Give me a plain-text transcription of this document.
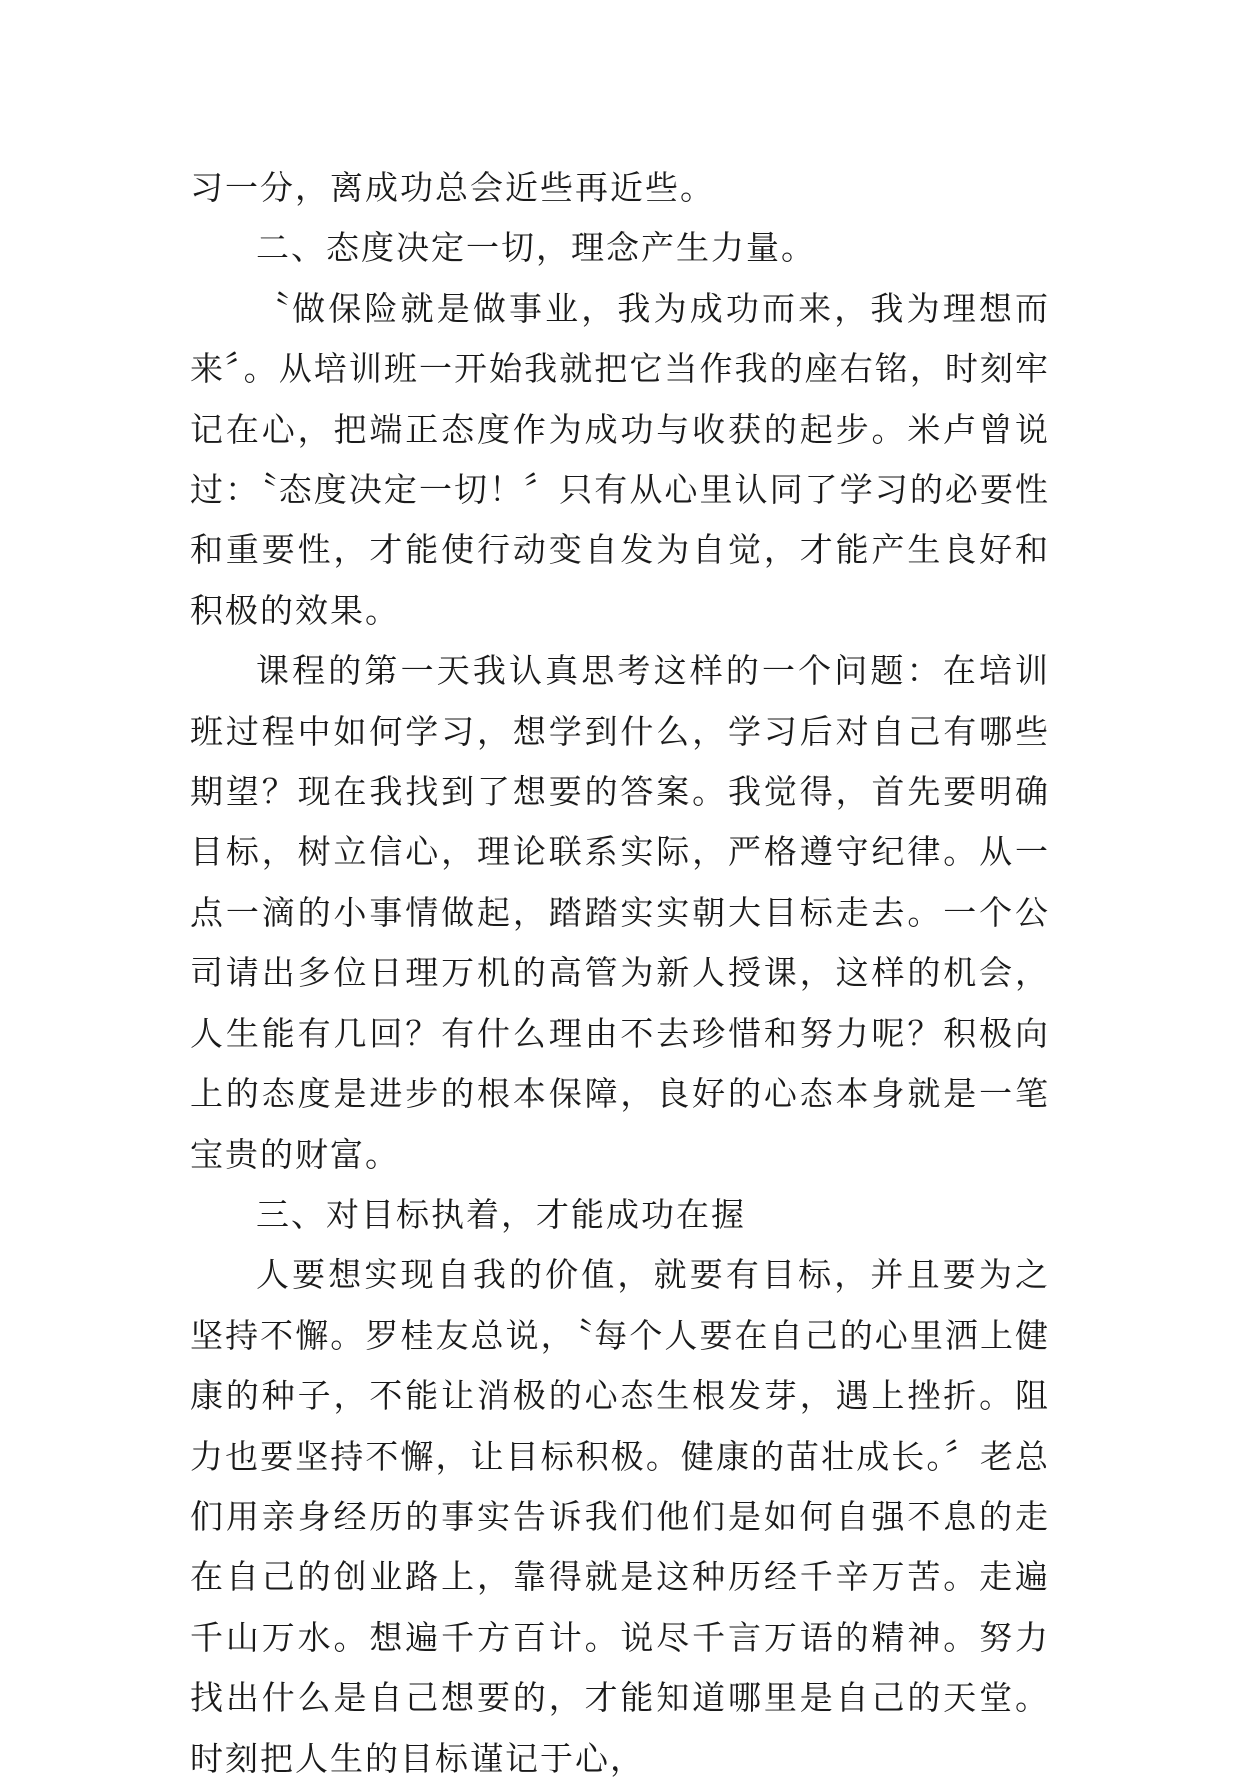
习一分，离成功总会近些再近些。

二、态度决定一切，理念产生力量。

〝做保险就是做事业，我为成功而来，我为理想而来〞。从培训班一开始我就把它当作我的座右铭，时刻牢记在心，把端正态度作为成功与收获的起步。米卢曾说过：〝态度决定一切！〞只有从心里认同了学习的必要性和重要性，才能使行动变自发为自觉，才能产生良好和积极的效果。

课程的第一天我认真思考这样的一个问题：在培训班过程中如何学习，想学到什么，学习后对自己有哪些期望？现在我找到了想要的答案。我觉得，首先要明确目标，树立信心，理论联系实际，严格遵守纪律。从一点一滴的小事情做起，踏踏实实朝大目标走去。一个公司请出多位日理万机的高管为新人授课，这样的机会，人生能有几回？有什么理由不去珍惜和努力呢？积极向上的态度是进步的根本保障，良好的心态本身就是一笔宝贵的财富。

三、对目标执着，才能成功在握

人要想实现自我的价值，就要有目标，并且要为之坚持不懈。罗桂友总说，〝每个人要在自己的心里洒上健康的种子，不能让消极的心态生根发芽，遇上挫折。阻力也要坚持不懈，让目标积极。健康的苗壮成长。〞老总们用亲身经历的事实告诉我们他们是如何自强不息的走在自己的创业路上，靠得就是这种历经千辛万苦。走遍千山万水。想遍千方百计。说尽千言万语的精神。努力找出什么是自己想要的，才能知道哪里是自己的天堂。时刻把人生的目标谨记于心，
